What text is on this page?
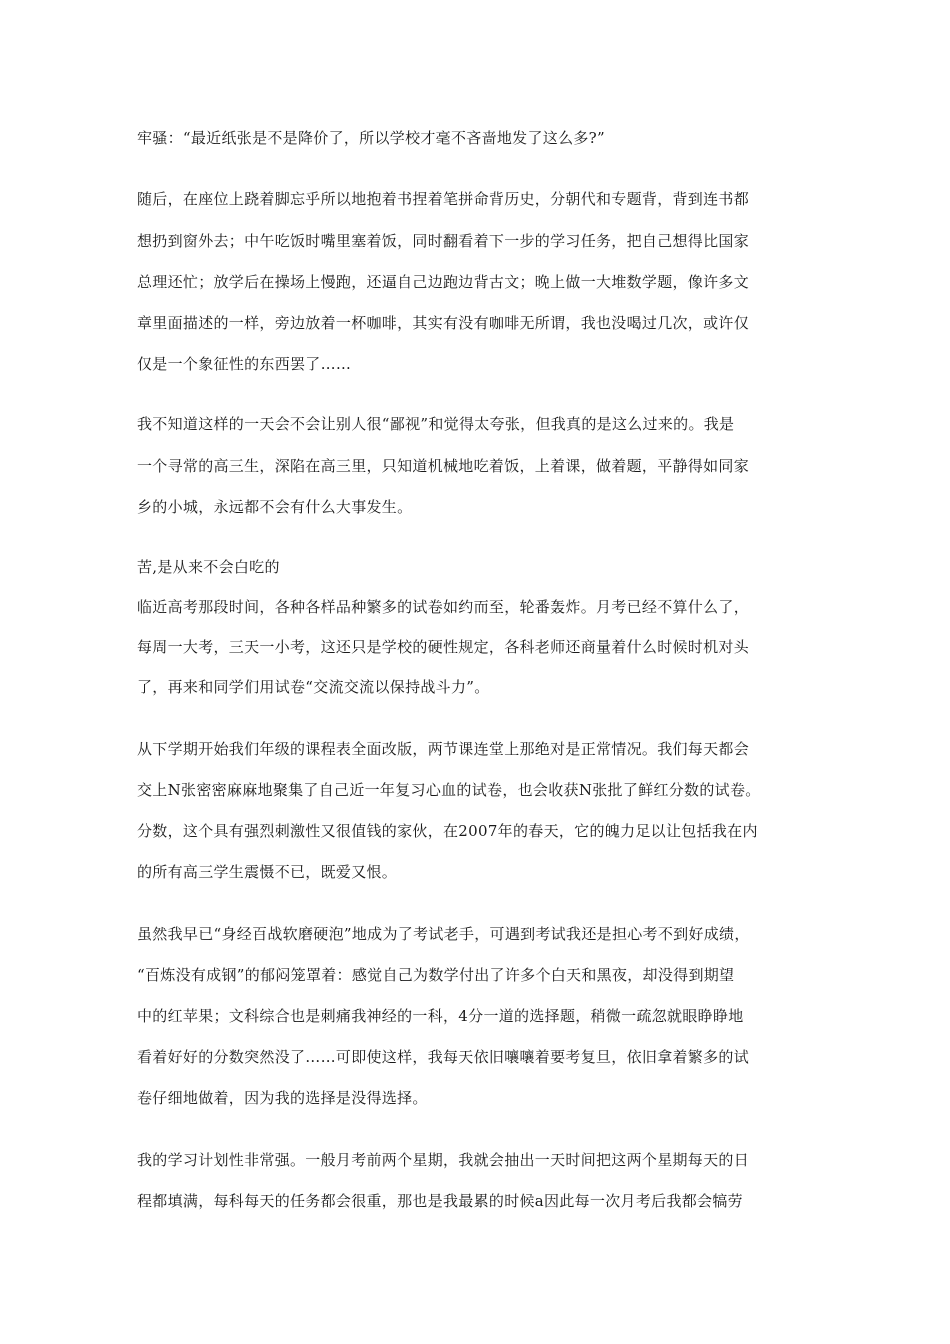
牢骚：“最近纸张是不是降价了，所以学校才毫不吝啬地发了这么多?”
随后，在座位上跷着脚忘乎所以地抱着书捏着笔拼命背历史，分朝代和专题背，背到连书都
想扔到窗外去；中午吃饭时嘴里塞着饭，同时翻看着下一步的学习任务，把自己想得比国家
总理还忙；放学后在操场上慢跑，还逼自己边跑边背古文；晚上做一大堆数学题，像许多文
章里面描述的一样，旁边放着一杯咖啡，其实有没有咖啡无所谓，我也没喝过几次，或许仅
仅是一个象征性的东西罢了……
我不知道这样的一天会不会让别人很“鄙视”和觉得太夸张，但我真的是这么过来的。我是
一个寻常的高三生，深陷在高三里，只知道机械地吃着饭，上着课，做着题，平静得如同家
乡的小城，永远都不会有什么大事发生。
苦,是从来不会白吃的
临近高考那段时间，各种各样品种繁多的试卷如约而至，轮番轰炸。月考已经不算什么了，
每周一大考，三天一小考，这还只是学校的硬性规定，各科老师还商量着什么时候时机对头
了，再来和同学们用试卷“交流交流以保持战斗力”。
从下学期开始我们年级的课程表全面改版，两节课连堂上那绝对是正常情况。我们每天都会
交上N张密密麻麻地聚集了自己近一年复习心血的试卷，也会收获N张批了鲜红分数的试卷。
分数，这个具有强烈刺激性又很值钱的家伙，在2007年的春天，它的魄力足以让包括我在内
的所有高三学生震慑不已，既爱又恨。
虽然我早已“身经百战软磨硬泡”地成为了考试老手，可遇到考试我还是担心考不到好成绩，
“百炼没有成钢”的郁闷笼罩着：感觉自己为数学付出了许多个白天和黑夜，却没得到期望
中的红苹果；文科综合也是刺痛我神经的一科，4分一道的选择题，稍微一疏忽就眼睁睁地
看着好好的分数突然没了……可即使这样，我每天依旧嚷嚷着要考复旦，依旧拿着繁多的试
卷仔细地做着，因为我的选择是没得选择。
我的学习计划性非常强。一般月考前两个星期，我就会抽出一天时间把这两个星期每天的日
程都填满，每科每天的任务都会很重，那也是我最累的时候a因此每一次月考后我都会犒劳
